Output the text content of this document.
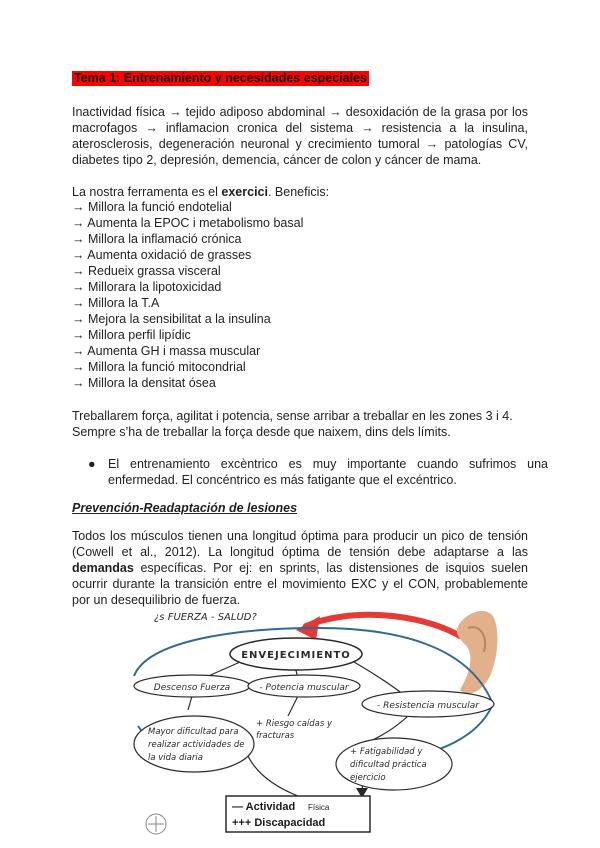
Tema 1: Entrenamiento y necesidades especiales

Inactividad física → tejido adiposo abdominal → desoxidación de la grasa por los macrofagos → inflamacion cronica del sistema → resistencia a la insulina, aterosclerosis, degeneración neuronal y crecimiento tumoral → patologías CV, diabetes tipo 2, depresión, demencia, cáncer de colon y cáncer de mama.

La nostra ferramenta es el exercici. Beneficis:

→ Millora la funció endotelial
→ Aumenta la EPOC i metabolismo basal
→ Millora la inflamació crónica
→ Aumenta oxidació de grasses
→ Redueix grassa visceral
→ Millorara la lipotoxicidad
→ Millora la T.A
→ Mejora la sensibilitat a la insulina
→ Millora perfil lipídic
→ Aumenta GH i massa muscular
→ Millora la funció mitocondrial
→ Millora la densitat ósea

Treballarem força, agilitat i potencia, sense arribar a treballar en les zones 3 i 4. Sempre s’ha de treballar la força desde que naixem, dins dels límits.

● El entrenamiento excèntrico es muy importante cuando sufrimos una enfermedad. El concéntrico es más fatigante que el excéntrico.

Prevención-Readaptación de lesiones

Todos los músculos tienen una longitud óptima para producir un pico de tensión (Cowell et al., 2012). La longitud óptima de tensión debe adaptarse a las demandas específicas. Por ej: en sprints, las distensiones de isquios suelen ocurrir durante la transición entre el movimiento EXC y el CON, probablemente por un desequilibrio de fuerza.

¿s FUERZA - SALUD?
ENVEJECIMIENTO
Descenso Fuerza	- Potencia muscular
- Resistencia muscular
+ Riesgo caídas y
fracturas
Mayor dificultad para
realizar actividades de
la vida diaria
+ Fatigabilidad y
dificultad práctica
ejercicio
— Actividad Física
+++ Discapacidad
